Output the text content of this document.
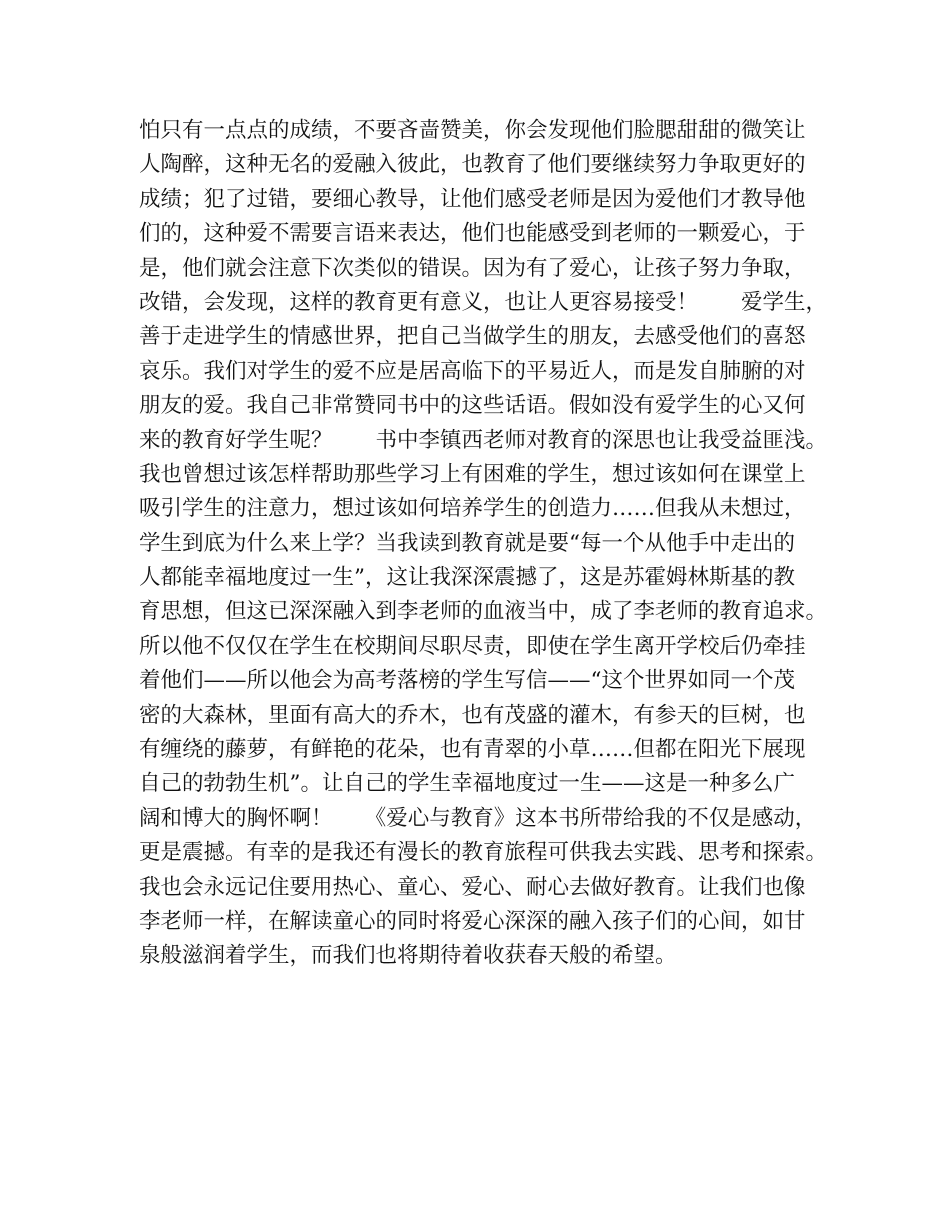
怕只有一点点的成绩，不要吝啬赞美，你会发现他们脸腮甜甜的微笑让
人陶醉，这种无名的爱融入彼此，也教育了他们要继续努力争取更好的
成绩；犯了过错，要细心教导，让他们感受老师是因为爱他们才教导他
们的，这种爱不需要言语来表达，他们也能感受到老师的一颗爱心，于
是，他们就会注意下次类似的错误。因为有了爱心，让孩子努力争取，
改错，会发现，这样的教育更有意义，也让人更容易接受！　　爱学生，
善于走进学生的情感世界，把自己当做学生的朋友，去感受他们的喜怒
哀乐。我们对学生的爱不应是居高临下的平易近人，而是发自肺腑的对
朋友的爱。我自己非常赞同书中的这些话语。假如没有爱学生的心又何
来的教育好学生呢？　　书中李镇西老师对教育的深思也让我受益匪浅。
我也曾想过该怎样帮助那些学习上有困难的学生，想过该如何在课堂上
吸引学生的注意力，想过该如何培养学生的创造力……但我从未想过，
学生到底为什么来上学？当我读到教育就是要“每一个从他手中走出的
人都能幸福地度过一生”，这让我深深震撼了，这是苏霍姆林斯基的教
育思想，但这已深深融入到李老师的血液当中，成了李老师的教育追求。
所以他不仅仅在学生在校期间尽职尽责，即使在学生离开学校后仍牵挂
着他们——所以他会为高考落榜的学生写信——“这个世界如同一个茂
密的大森林，里面有高大的乔木，也有茂盛的灌木，有参天的巨树，也
有缠绕的藤萝，有鲜艳的花朵，也有青翠的小草……但都在阳光下展现
自己的勃勃生机”。让自己的学生幸福地度过一生——这是一种多么广
阔和博大的胸怀啊！　　《爱心与教育》这本书所带给我的不仅是感动，
更是震撼。有幸的是我还有漫长的教育旅程可供我去实践、思考和探索。
我也会永远记住要用热心、童心、爱心、耐心去做好教育。让我们也像
李老师一样，在解读童心的同时将爱心深深的融入孩子们的心间，如甘
泉般滋润着学生，而我们也将期待着收获春天般的希望。
